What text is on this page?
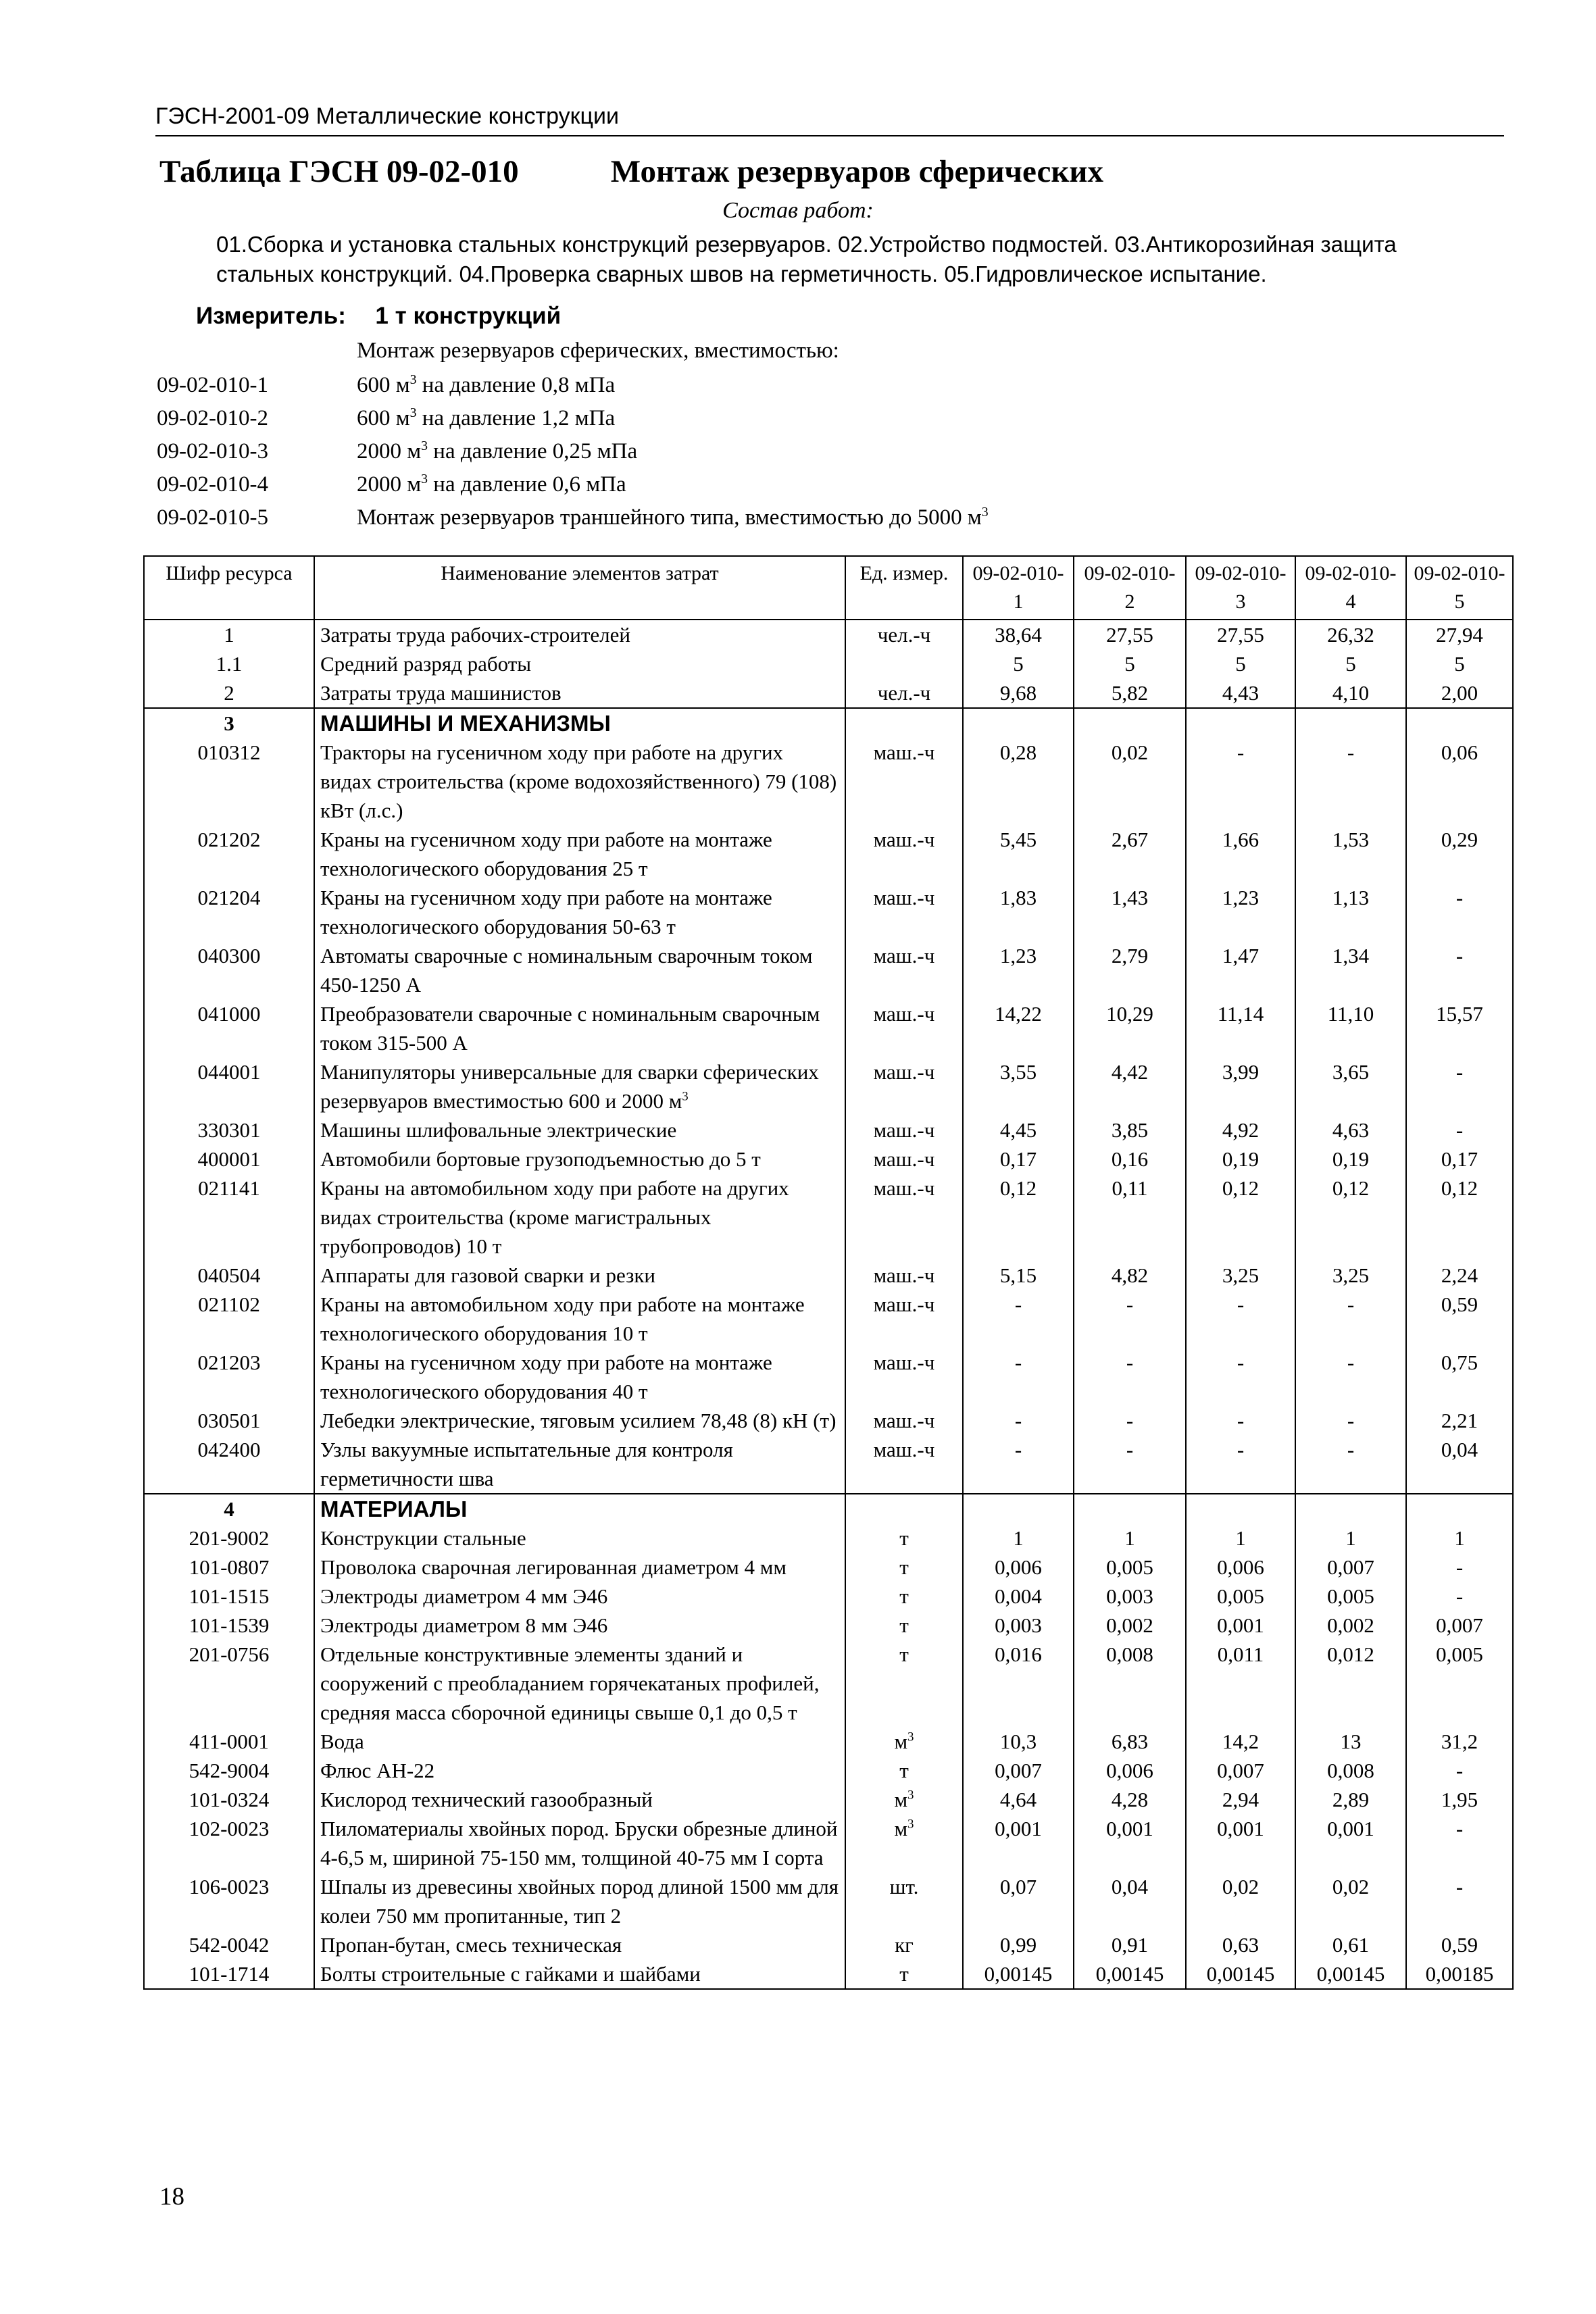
ГЭСН-2001-09 Металлические конструкции
Таблица ГЭСН 09-02-010	Монтаж резервуаров сферических
Состав работ:
01.Сборка и установка стальных конструкций резервуаров. 02.Устройство подмостей. 03.Антикорозийная защита стальных конструкций. 04.Проверка сварных швов на герметичность. 05.Гидровлическое испытание.
Измеритель: 1 т конструкций
Монтаж резервуаров сферических, вместимостью:
09-02-010-1	600 $м^3$ на давление 0,8 мПа
09-02-010-2	600 $м^3$ на давление 1,2 мПа
09-02-010-3	2000 $м^3$ на давление 0,25 мПа
09-02-010-4	2000 $м^3$ на давление 0,6 мПа
09-02-010-5	Монтаж резервуаров траншейного типа, вместимостью до 5000 $м^3$
Шифр ресурса	Наименование элементов затрат	Ед. измер.	09-02-010-1	09-02-010-2	09-02-010-3	09-02-010-4	09-02-010-5
1	Затраты труда рабочих-строителей	чел.-ч	38,64	27,55	27,55	26,32	27,94
1.1	Средний разряд работы		5	5	5	5	5
2	Затраты труда машинистов	чел.-ч	9,68	5,82	4,43	4,10	2,00
3	МАШИНЫ И МЕХАНИЗМЫ						
010312	Тракторы на гусеничном ходу при работе на других видах строительства (кроме водохозяйственного) 79 (108) кВт (л.с.)	маш.-ч	0,28	0,02	-	-	0,06
021202	Краны на гусеничном ходу при работе на монтаже технологического оборудования 25 т	маш.-ч	5,45	2,67	1,66	1,53	0,29
021204	Краны на гусеничном ходу при работе на монтаже технологического оборудования 50-63 т	маш.-ч	1,83	1,43	1,23	1,13	-
040300	Автоматы сварочные с номинальным сварочным током 450-1250 А	маш.-ч	1,23	2,79	1,47	1,34	-
041000	Преобразователи сварочные с номинальным сварочным током 315-500 А	маш.-ч	14,22	10,29	11,14	11,10	15,57
044001	Манипуляторы универсальные для сварки сферических резервуаров вместимостью 600 и 2000 $м^3$	маш.-ч	3,55	4,42	3,99	3,65	-
330301	Машины шлифовальные электрические	маш.-ч	4,45	3,85	4,92	4,63	-
400001	Автомобили бортовые грузоподъемностью до 5 т	маш.-ч	0,17	0,16	0,19	0,19	0,17
021141	Краны на автомобильном ходу при работе на других видах строительства (кроме магистральных трубопроводов) 10 т	маш.-ч	0,12	0,11	0,12	0,12	0,12
040504	Аппараты для газовой сварки и резки	маш.-ч	5,15	4,82	3,25	3,25	2,24
021102	Краны на автомобильном ходу при работе на монтаже технологического оборудования 10 т	маш.-ч	-	-	-	-	0,59
021203	Краны на гусеничном ходу при работе на монтаже технологического оборудования 40 т	маш.-ч	-	-	-	-	0,75
030501	Лебедки электрические, тяговым усилием 78,48 (8) кН (т)	маш.-ч	-	-	-	-	2,21
042400	Узлы вакуумные испытательные для контроля герметичности шва	маш.-ч	-	-	-	-	0,04
4	МАТЕРИАЛЫ						
201-9002	Конструкции стальные	т	1	1	1	1	1
101-0807	Проволока сварочная легированная диаметром 4 мм	т	0,006	0,005	0,006	0,007	-
101-1515	Электроды диаметром 4 мм Э46	т	0,004	0,003	0,005	0,005	-
101-1539	Электроды диаметром 8 мм Э46	т	0,003	0,002	0,001	0,002	0,007
201-0756	Отдельные конструктивные элементы зданий и сооружений с преобладанием горячекатаных профилей, средняя масса сборочной единицы свыше 0,1 до 0,5 т	т	0,016	0,008	0,011	0,012	0,005
411-0001	Вода	$м^3$	10,3	6,83	14,2	13	31,2
542-9004	Флюс АН-22	т	0,007	0,006	0,007	0,008	-
101-0324	Кислород технический газообразный	$м^3$	4,64	4,28	2,94	2,89	1,95
102-0023	Пиломатериалы хвойных пород. Бруски обрезные длиной 4-6,5 м, шириной 75-150 мм, толщиной 40-75 мм I сорта	$м^3$	0,001	0,001	0,001	0,001	-
106-0023	Шпалы из древесины хвойных пород длиной 1500 мм для колеи 750 мм пропитанные, тип 2	шт.	0,07	0,04	0,02	0,02	-
542-0042	Пропан-бутан, смесь техническая	кг	0,99	0,91	0,63	0,61	0,59
101-1714	Болты строительные с гайками и шайбами	т	0,00145	0,00145	0,00145	0,00145	0,00185
18
